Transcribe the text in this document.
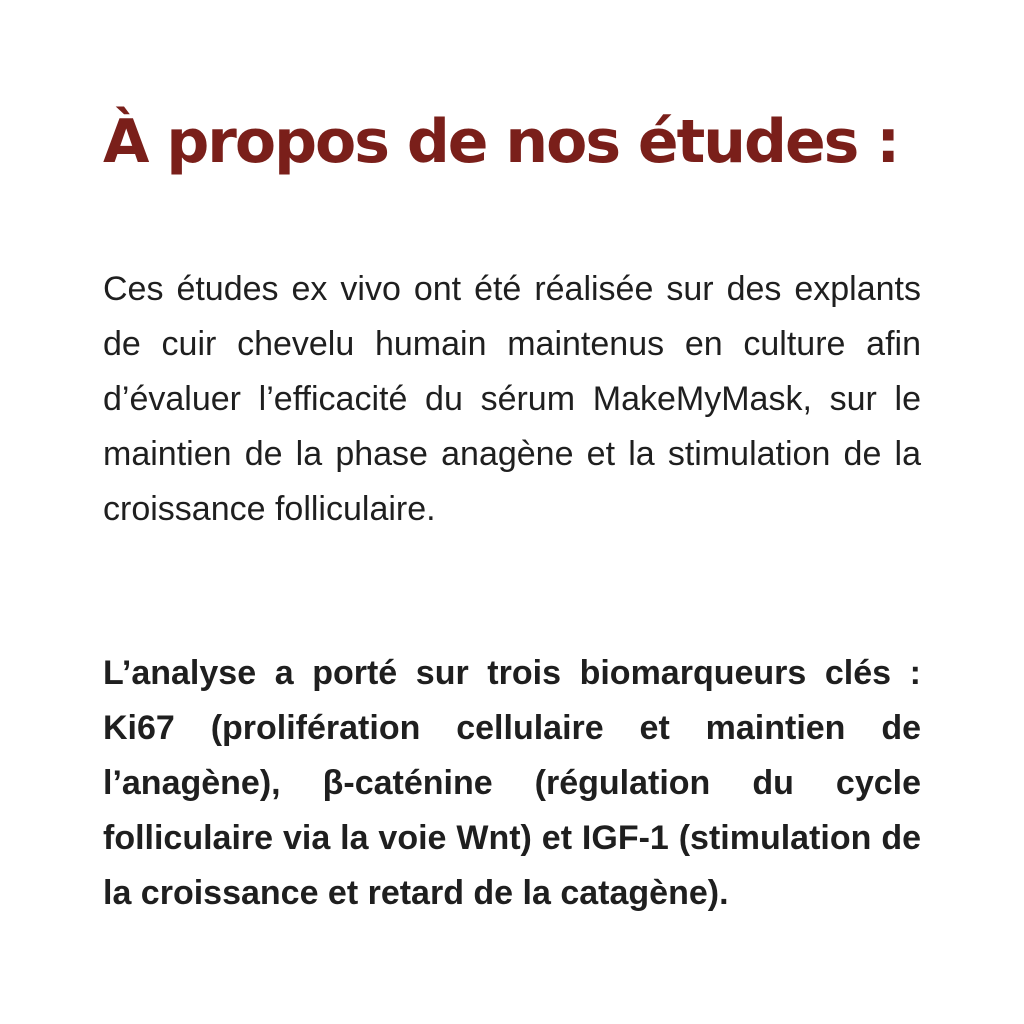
À propos de nos études :

Ces études ex vivo ont été réalisée sur des explants de cuir chevelu humain maintenus en culture afin d’évaluer l’efficacité du sérum MakeMyMask, sur le maintien de la phase anagène et la stimulation de la croissance folliculaire.

L’analyse a porté sur trois biomarqueurs clés : Ki67 (prolifération cellulaire et maintien de l’anagène), β-caténine (régulation du cycle folliculaire via la voie Wnt) et IGF-1 (stimulation de la croissance et retard de la catagène).
